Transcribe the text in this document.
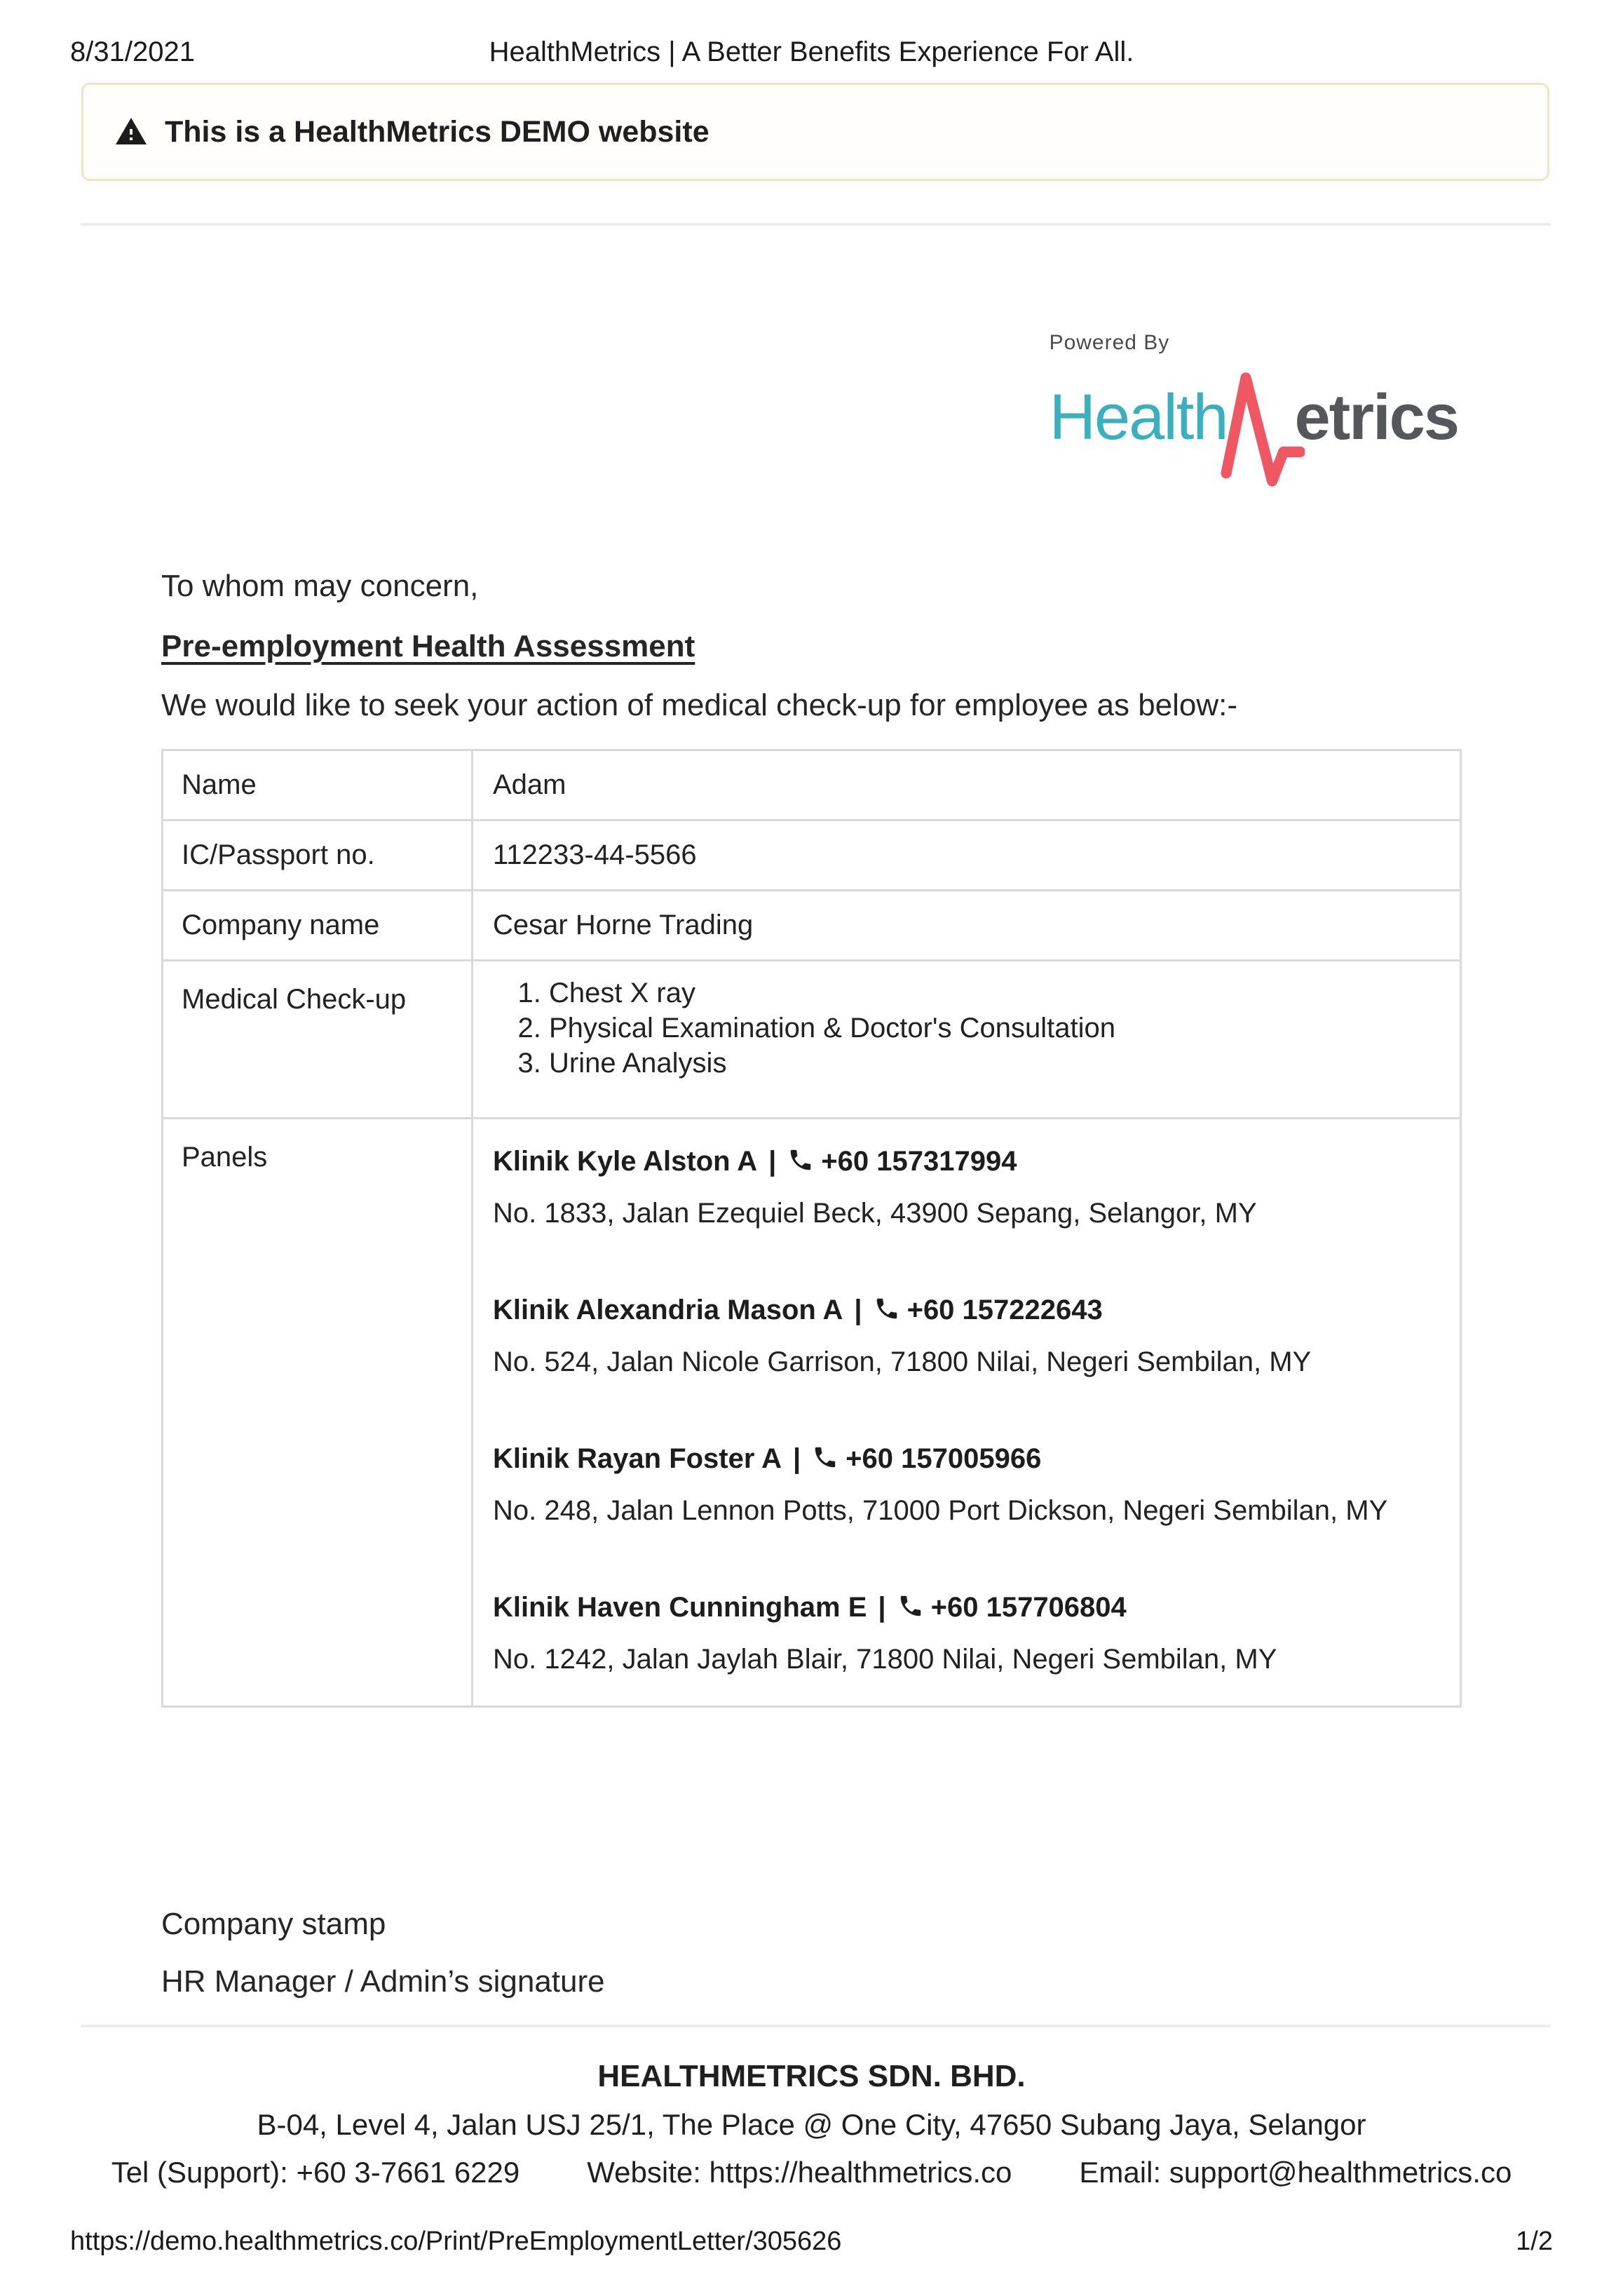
8/31/2021	HealthMetrics | A Better Benefits Experience For All.
This is a HealthMetrics DEMO website
Powered By
Health etrics

To whom may concern,

Pre-employment Health Assessment

We would like to seek your action of medical check-up for employee as below:-

Name	Adam
IC/Passport no.	112233-44-5566
Company name	Cesar Horne Trading
Medical Check-up	
1.Chest X ray
2. Physical Examination & Doctor's Consultation
3. Urine Analysis

Panels	Klinik Kyle Alston A | +60 157317994
No. 1833, Jalan Ezequiel Beck, 43900 Sepang, Selangor, MY
Klinik Alexandria Mason A | +60 157222643
No. 524, Jalan Nicole Garrison, 71800 Nilai, Negeri Sembilan, MY
Klinik Rayan Foster A | +60 157005966
No. 248, Jalan Lennon Potts, 71000 Port Dickson, Negeri Sembilan, MY
Klinik Haven Cunningham E | +60 157706804
No. 1242, Jalan Jaylah Blair, 71800 Nilai, Negeri Sembilan, MY

Company stamp

HR Manager / Admin’s signature

HEALTHMETRICS SDN. BHD.
B-04, Level 4, Jalan USJ 25/1, The Place @ One City, 47650 Subang Jaya, Selangor
Tel (Support): +60 3-7661 6229 Website: https://healthmetrics.co Email: support@healthmetrics.co
https://demo.healthmetrics.co/Print/PreEmploymentLetter/305626	1/2
